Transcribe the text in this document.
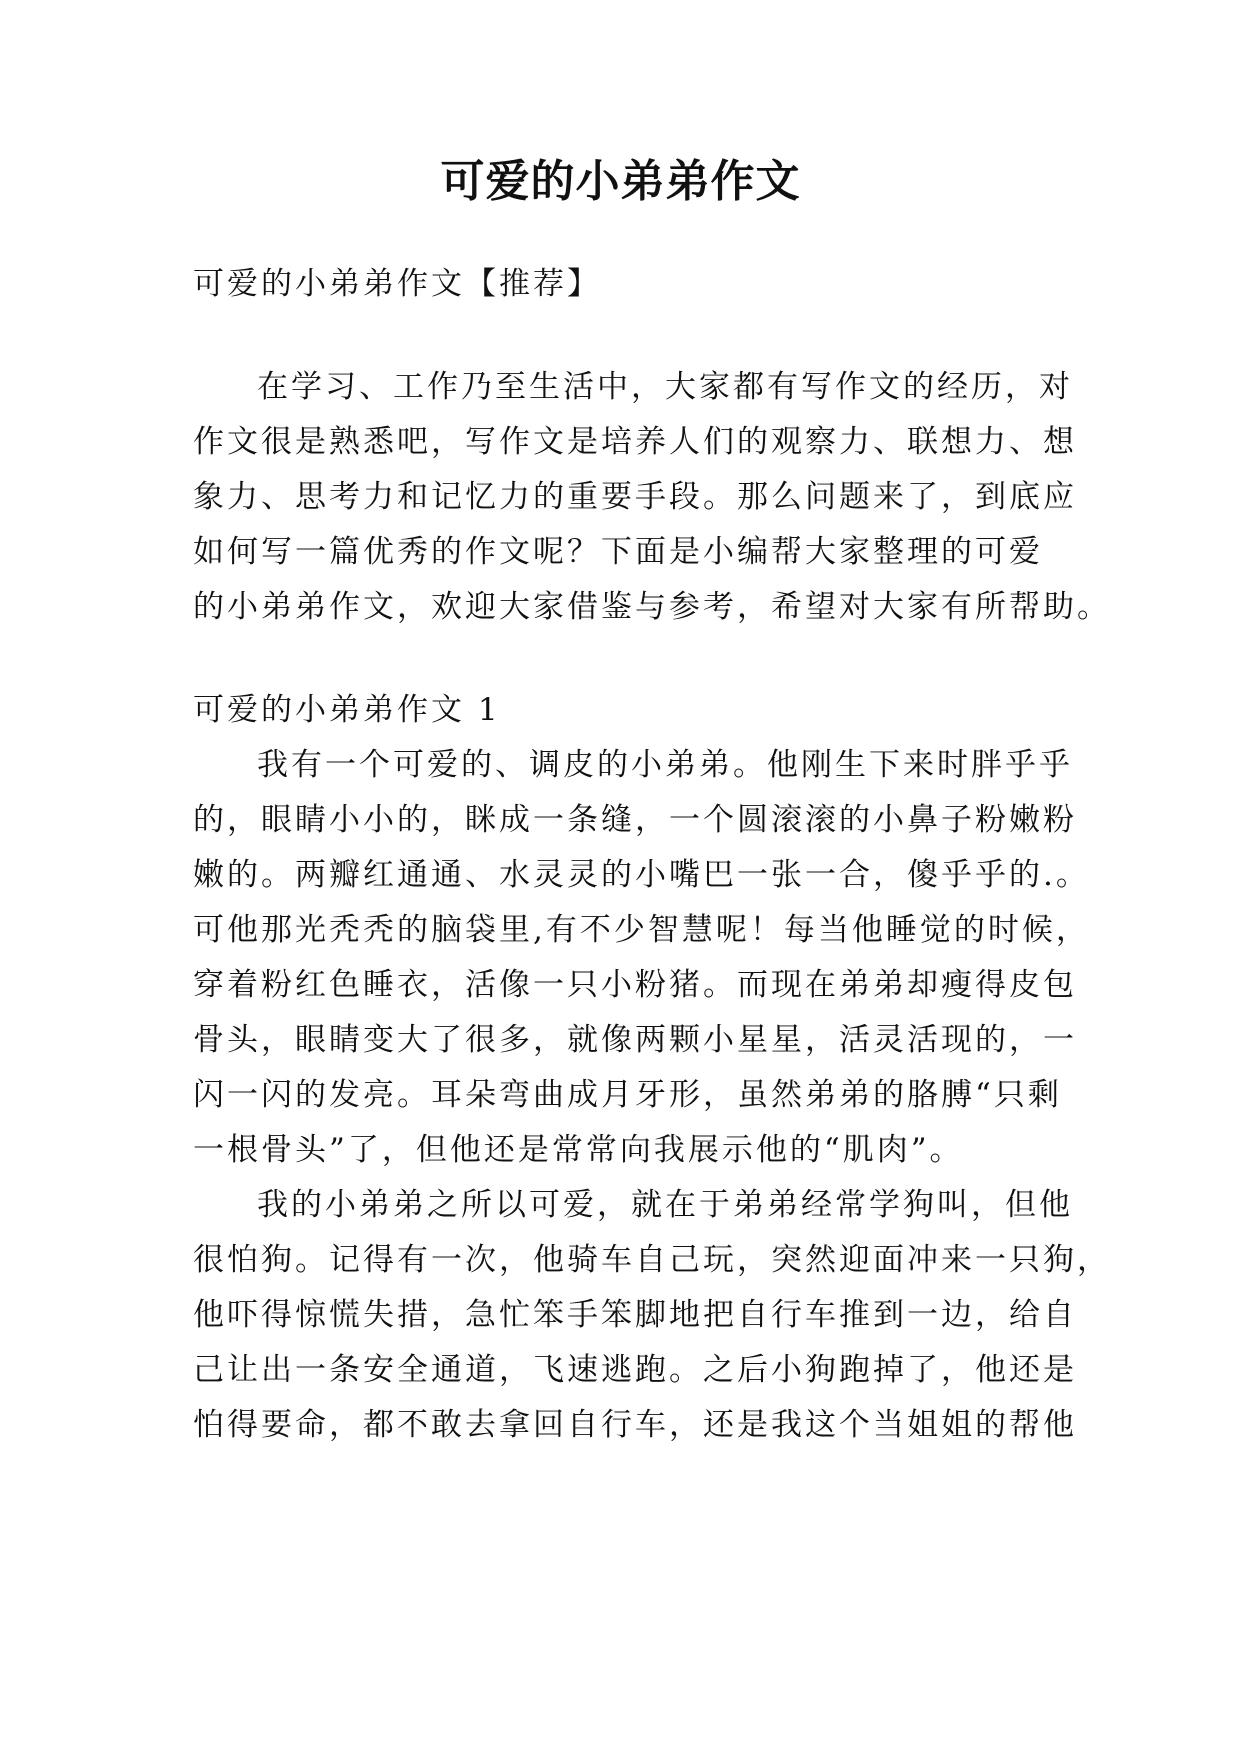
可爱的小弟弟作文
可爱的小弟弟作文【推荐】
在学习、工作乃至生活中，大家都有写作文的经历，对
作文很是熟悉吧，写作文是培养人们的观察力、联想力、想
象力、思考力和记忆力的重要手段。那么问题来了，到底应
如何写一篇优秀的作文呢？下面是小编帮大家整理的可爱
的小弟弟作文，欢迎大家借鉴与参考，希望对大家有所帮助。
可爱的小弟弟作文 1
我有一个可爱的、调皮的小弟弟。他刚生下来时胖乎乎
的，眼睛小小的，眯成一条缝，一个圆滚滚的小鼻子粉嫩粉
嫩的。两瓣红通通、水灵灵的小嘴巴一张一合，傻乎乎的.。
可他那光秃秃的脑袋里,有不少智慧呢！每当他睡觉的时候，
穿着粉红色睡衣，活像一只小粉猪。而现在弟弟却瘦得皮包
骨头，眼睛变大了很多，就像两颗小星星，活灵活现的，一
闪一闪的发亮。耳朵弯曲成月牙形，虽然弟弟的胳膊“只剩
一根骨头”了，但他还是常常向我展示他的“肌肉”。
我的小弟弟之所以可爱，就在于弟弟经常学狗叫，但他
很怕狗。记得有一次，他骑车自己玩，突然迎面冲来一只狗，
他吓得惊慌失措，急忙笨手笨脚地把自行车推到一边，给自
己让出一条安全通道，飞速逃跑。之后小狗跑掉了，他还是
怕得要命，都不敢去拿回自行车，还是我这个当姐姐的帮他
